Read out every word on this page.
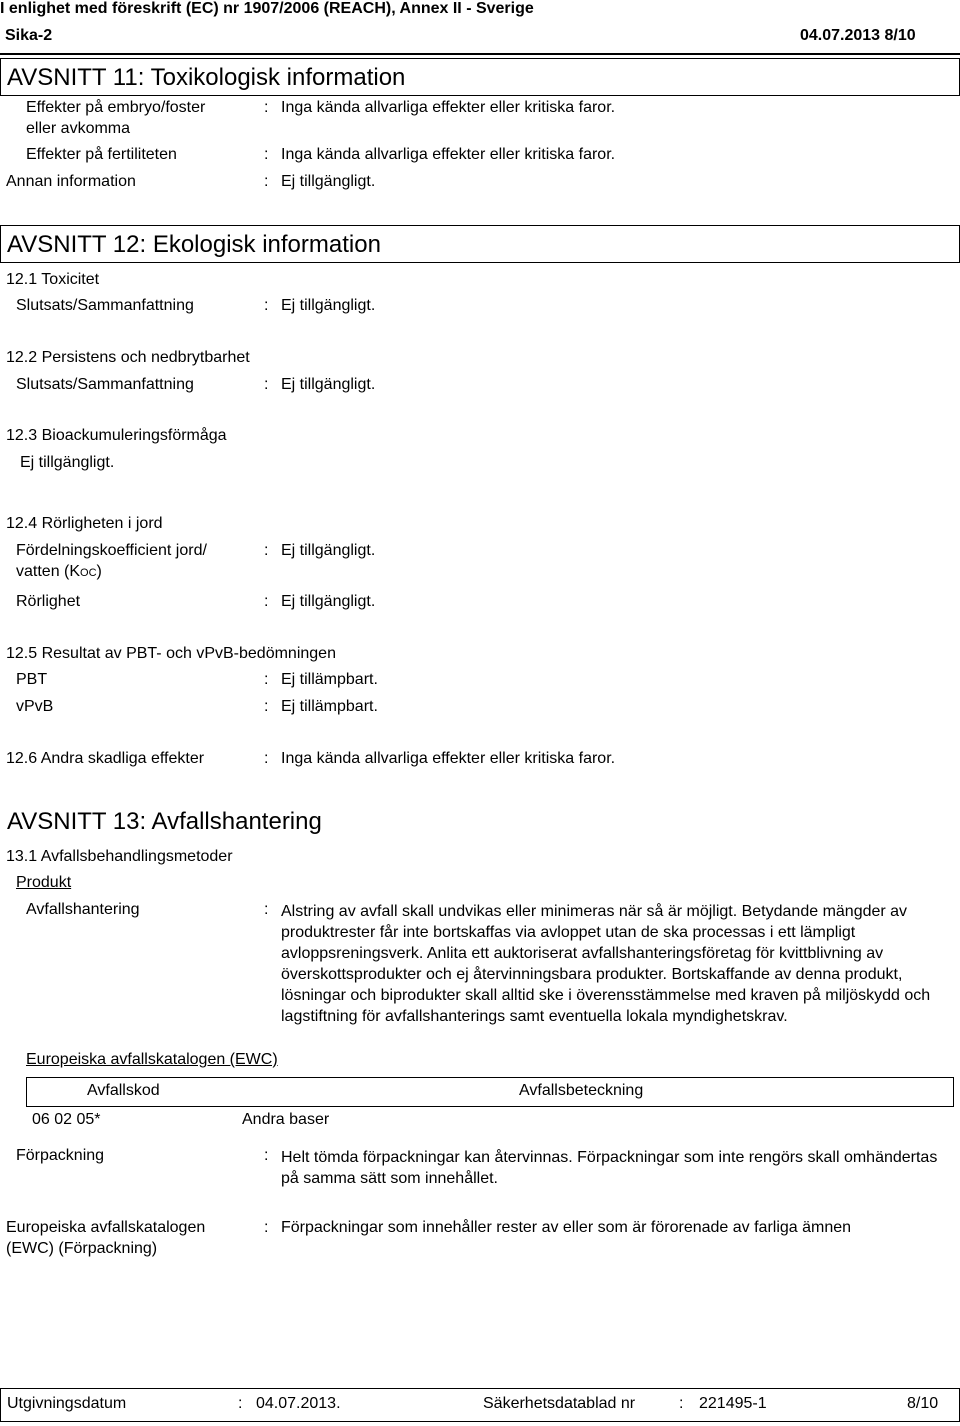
I enlighet med föreskrift (EC) nr 1907/2006 (REACH), Annex II - Sverige
Sika-2	04.07.2013 8/10
AVSNITT 11: Toxikologisk information
Effekter på embryo/foster
eller avkomma
: Inga kända allvarliga effekter eller kritiska faror.
Effekter på fertiliteten	: Inga kända allvarliga effekter eller kritiska faror.
Annan information	: Ej tillgängligt.
AVSNITT 12: Ekologisk information
12.1 Toxicitet
Slutsats/Sammanfattning	: Ej tillgängligt.
12.2 Persistens och nedbrytbarhet
Slutsats/Sammanfattning	: Ej tillgängligt.
12.3 Bioackumuleringsförmåga
Ej tillgängligt.
12.4 Rörligheten i jord
Fördelningskoefficient jord/
vatten (KOC)
: Ej tillgängligt.
Rörlighet	: Ej tillgängligt.
12.5 Resultat av PBT- och vPvB-bedömningen
PBT	: Ej tillämpbart.
vPvB	: Ej tillämpbart.
12.6 Andra skadliga effekter	: Inga kända allvarliga effekter eller kritiska faror.
AVSNITT 13: Avfallshantering
13.1 Avfallsbehandlingsmetoder
Produkt
Avfallshantering	: Alstring av avfall skall undvikas eller minimeras när så är möjligt. Betydande mängder av produktrester får inte bortskaffas via avloppet utan de ska processas i ett lämpligt avloppsreningsverk. Anlita ett auktoriserat avfallshanteringsföretag för kvittblivning av överskottsprodukter och ej återvinningsbara produkter. Bortskaffande av denna produkt, lösningar och biprodukter skall alltid ske i överensstämmelse med kraven på miljöskydd och lagstiftning för avfallshanterings samt eventuella lokala myndighetskrav.
Europeiska avfallskatalogen (EWC)
Avfallskod	Avfallsbeteckning
06 02 05*	Andra baser
Förpackning	: Helt tömda förpackningar kan återvinnas. Förpackningar som inte rengörs skall omhändertas på samma sätt som innehållet.
Europeiska avfallskatalogen
(EWC) (Förpackning)
: Förpackningar som innehåller rester av eller som är förorenade av farliga ämnen
Utgivningsdatum	: 04.07.2013.	Säkerhetsdatablad nr	: 221495-1	8/10
